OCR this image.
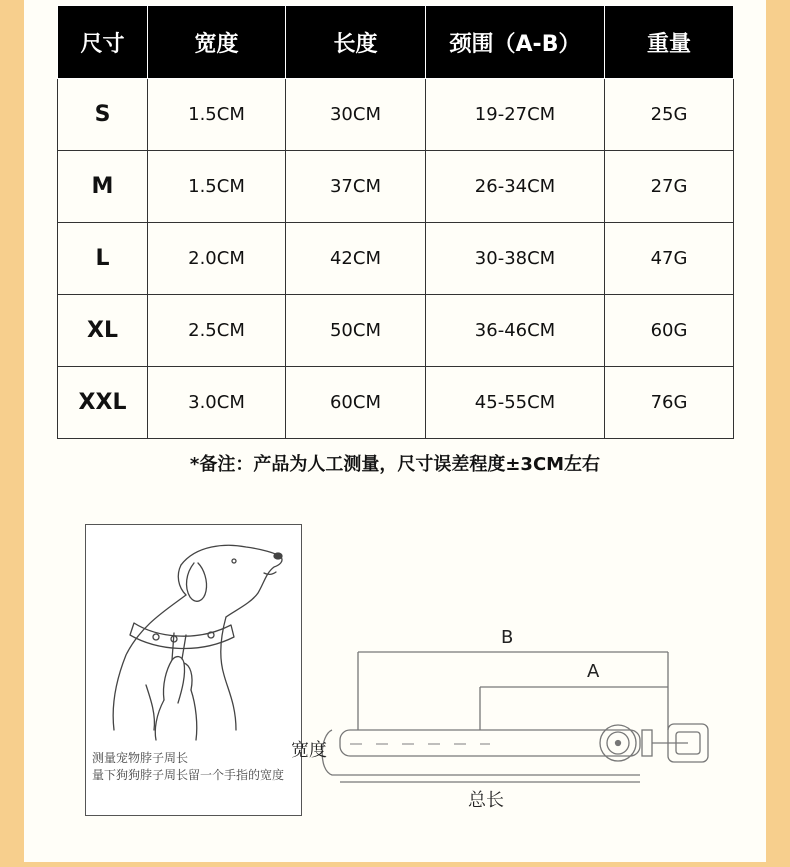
尺寸	宽度	长度	颈围（A-B）	重量
S	1.5CM	30CM	19-27CM	25G
M	1.5CM	37CM	26-34CM	27G
L	2.0CM	42CM	30-38CM	47G
XL	2.5CM	50CM	36-46CM	60G
XXL	3.0CM	60CM	45-55CM	76G
*备注：产品为人工测量，尺寸误差程度±3CM左右
测量宠物脖子周长
量下狗狗脖子周长留一个手指的宽度
B
A
宽度
总长
